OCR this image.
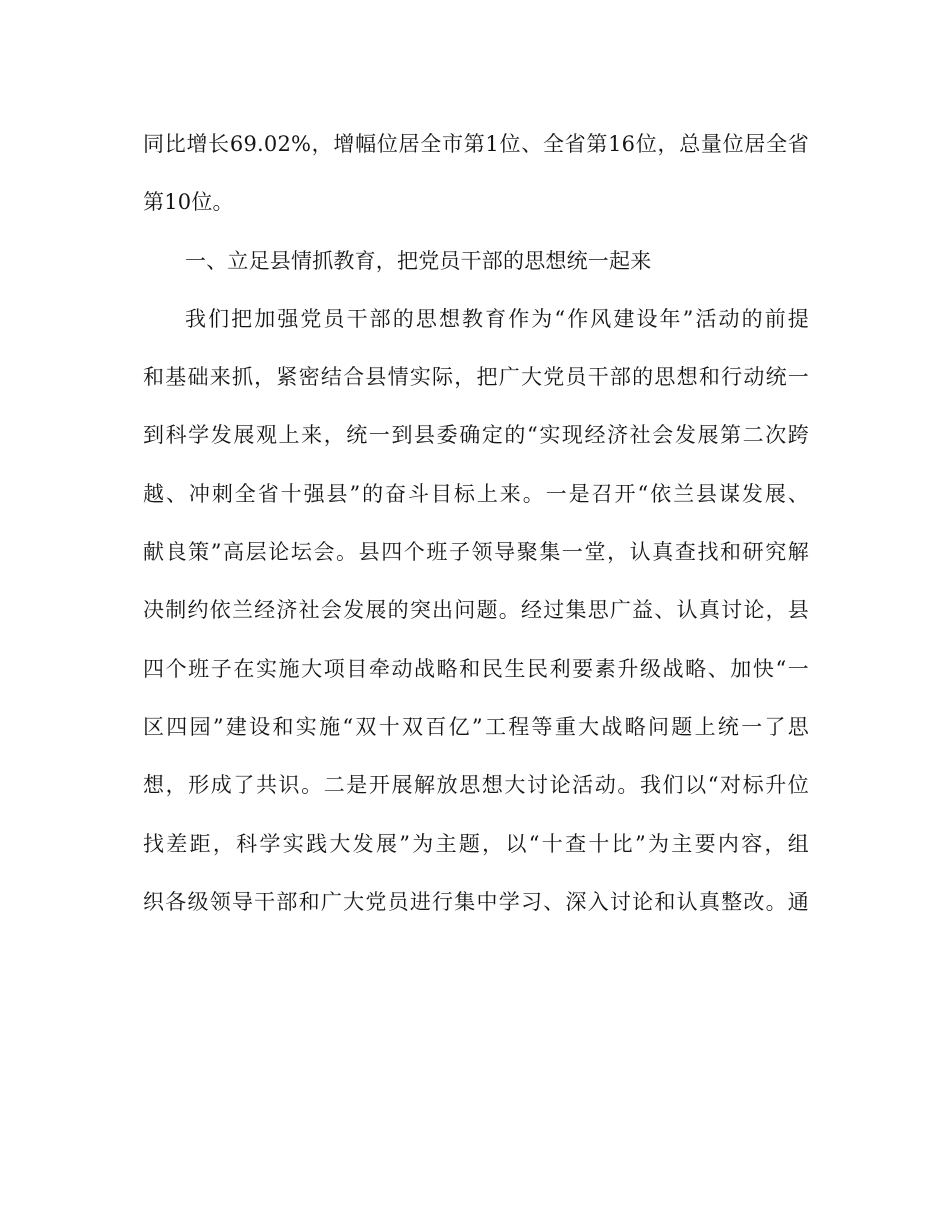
同比增长69.02%，增幅位居全市第1位、全省第16位，总量位居全省
第10位。
一、立足县情抓教育，把党员干部的思想统一起来
我们把加强党员干部的思想教育作为“作风建设年”活动的前提
和基础来抓，紧密结合县情实际，把广大党员干部的思想和行动统一
到科学发展观上来，统一到县委确定的“实现经济社会发展第二次跨
越、冲刺全省十强县”的奋斗目标上来。一是召开“依兰县谋发展、
献良策”高层论坛会。县四个班子领导聚集一堂，认真查找和研究解
决制约依兰经济社会发展的突出问题。经过集思广益、认真讨论，县
四个班子在实施大项目牵动战略和民生民利要素升级战略、加快“一
区四园”建设和实施“双十双百亿”工程等重大战略问题上统一了思
想，形成了共识。二是开展解放思想大讨论活动。我们以“对标升位
找差距，科学实践大发展”为主题，以“十查十比”为主要内容，组
织各级领导干部和广大党员进行集中学习、深入讨论和认真整改。通
